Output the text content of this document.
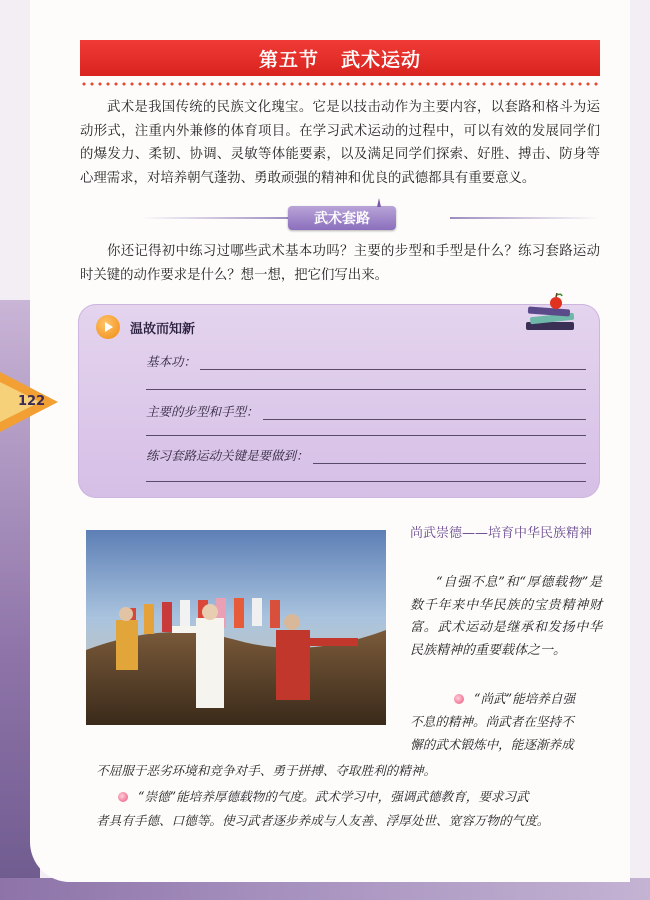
122
第五节 武术运动
武术是我国传统的民族文化瑰宝。它是以技击动作为主要内容，以套路和格斗为运动形式，注重内外兼修的体育项目。在学习武术运动的过程中，可以有效的发展同学们的爆发力、柔韧、协调、灵敏等体能要素，以及满足同学们探索、好胜、搏击、防身等心理需求，对培养朝气蓬勃、勇敢顽强的精神和优良的武德都具有重要意义。
武术套路
你还记得初中练习过哪些武术基本功吗？主要的步型和手型是什么？练习套路运动时关键的动作要求是什么？想一想，把它们写出来。
温故而知新
基本功：
主要的步型和手型：
练习套路运动关键是要做到：
尚武崇德——培育中华民族精神
“自强不息”和“厚德载物”是数千年来中华民族的宝贵精神财富。武术运动是继承和发扬中华民族精神的重要载体之一。
“尚武”能培养自强
不息的精神。尚武者在坚持不
懈的武术锻炼中，能逐渐养成
不屈服于恶劣环境和竞争对手、勇于拼搏、夺取胜利的精神。
“崇德”能培养厚德载物的气度。武术学习中，强调武德教育，要求习武
者具有手德、口德等。使习武者逐步养成与人友善、浮厚处世、宽容万物的气度。
